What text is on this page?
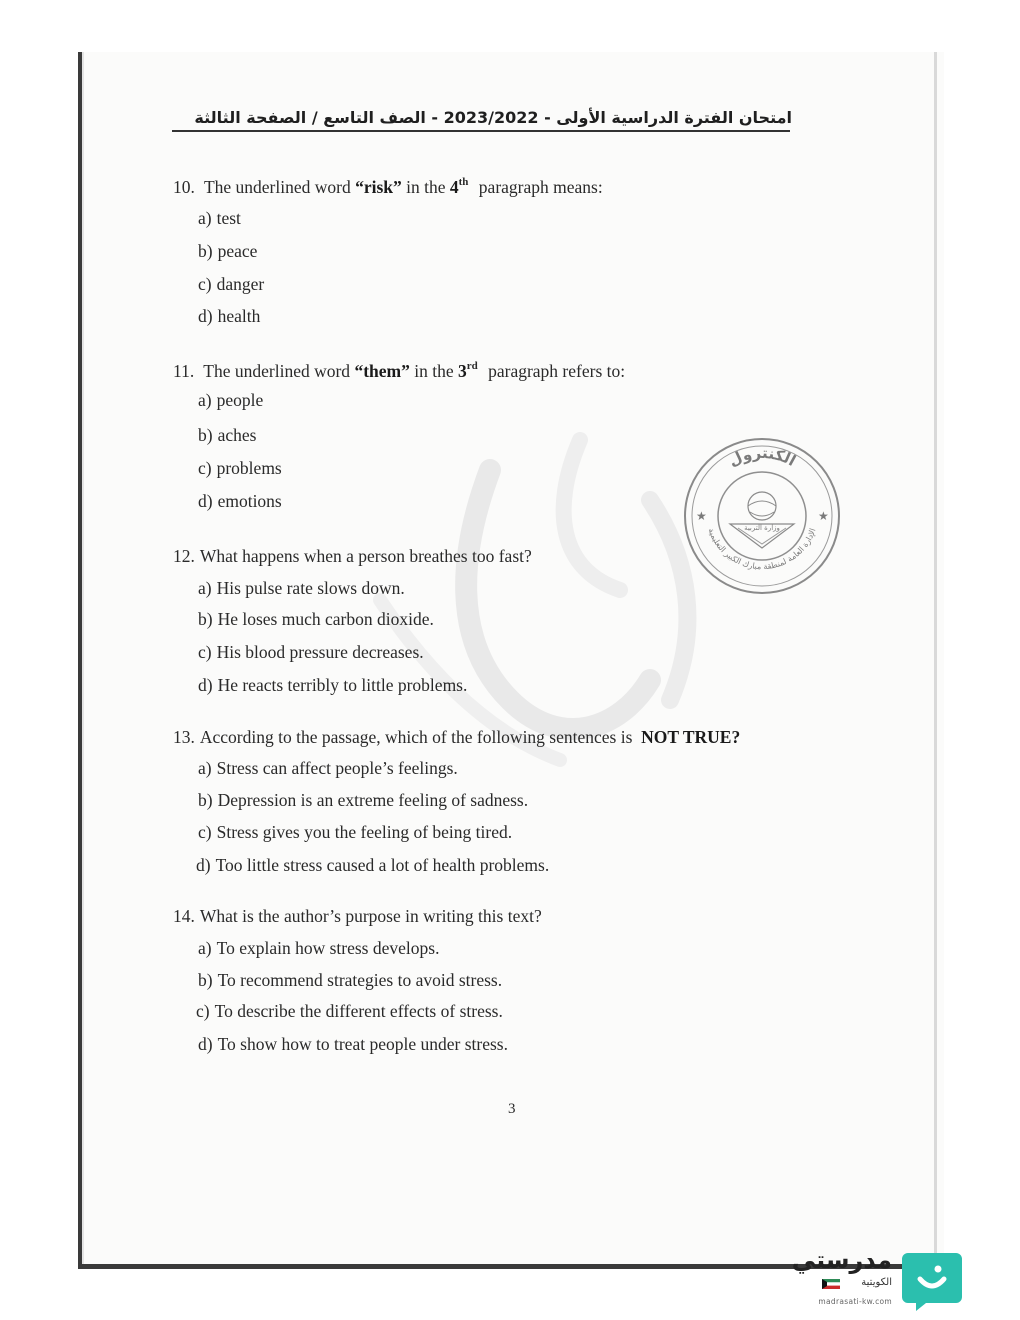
امتحان الفترة الدراسية الأولى - 2023/2022 - الصف التاسع / الصفحة الثالثة
10. The underlined word “risk” in the 4th paragraph means:
a) test
b) peace
c) danger
d) health
11. The underlined word “them” in the 3rd paragraph refers to:
a) people
b) aches
c) problems
d) emotions
12. What happens when a person breathes too fast?
a) His pulse rate slows down.
b) He loses much carbon dioxide.
c) His blood pressure decreases.
d) He reacts terribly to little problems.
13. According to the passage, which of the following sentences is NOT TRUE?
a) Stress can affect people’s feelings.
b) Depression is an extreme feeling of sadness.
c) Stress gives you the feeling of being tired.
d) Too little stress caused a lot of health problems.
14. What is the author’s purpose in writing this text?
a) To explain how stress develops.
b) To recommend strategies to avoid stress.
c) To describe the different effects of stress.
d) To show how to treat people under stress.
3
الكنترول
الإدارة العامة لمنطقة مبارك الكبير التعليمية
★	★
وزارة التربية
مدرستي
الكويتية
madrasati-kw.com
